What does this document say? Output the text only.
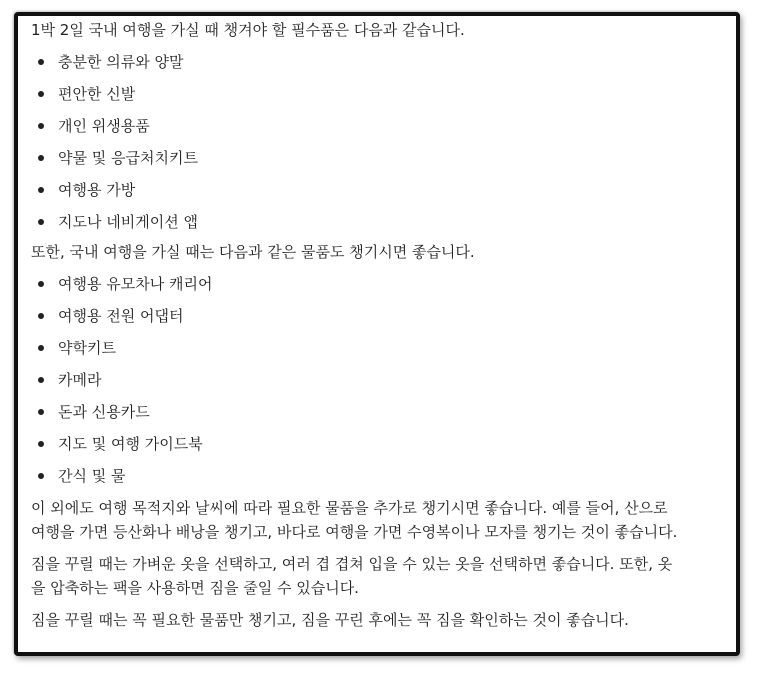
1박 2일 국내 여행을 가실 때 챙겨야 할 필수품은 다음과 같습니다.

충분한 의류와 양말
편안한 신발
개인 위생용품
약물 및 응급처치키트
여행용 가방
지도나 네비게이션 앱

또한, 국내 여행을 가실 때는 다음과 같은 물품도 챙기시면 좋습니다.

여행용 유모차나 캐리어
여행용 전원 어댑터
약학키트
카메라
돈과 신용카드
지도 및 여행 가이드북
간식 및 물

이 외에도 여행 목적지와 날씨에 따라 필요한 물품을 추가로 챙기시면 좋습니다. 예를 들어, 산으로
여행을 가면 등산화나 배낭을 챙기고, 바다로 여행을 가면 수영복이나 모자를 챙기는 것이 좋습니다.

짐을 꾸릴 때는 가벼운 옷을 선택하고, 여러 겹 겹쳐 입을 수 있는 옷을 선택하면 좋습니다. 또한, 옷
을 압축하는 팩을 사용하면 짐을 줄일 수 있습니다.

짐을 꾸릴 때는 꼭 필요한 물품만 챙기고, 짐을 꾸린 후에는 꼭 짐을 확인하는 것이 좋습니다.
